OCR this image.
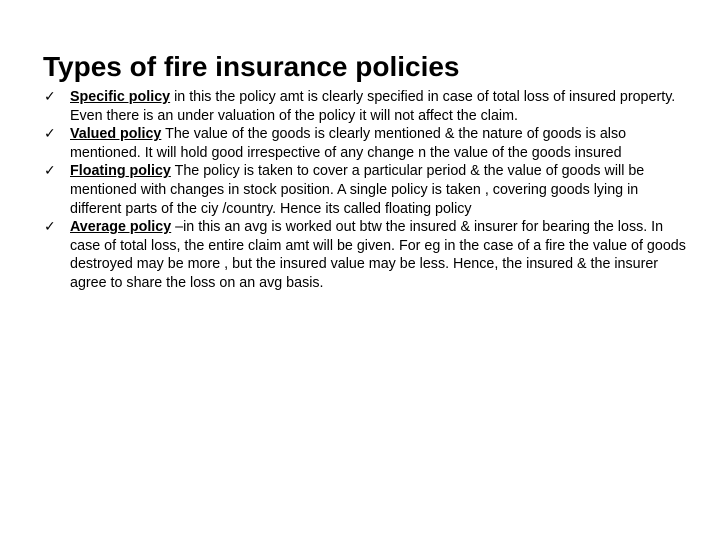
Types of fire insurance policies
✓ Specific policy in this the policy amt is clearly specified in case of total loss of insured property. Even there is an under valuation of the policy it will not affect the claim.
✓ Valued policy The value of the goods is clearly mentioned & the nature of goods is also mentioned. It will hold good irrespective of any change n the value of the goods insured
✓ Floating policy The policy is taken to cover a particular period & the value of goods will be mentioned with changes in stock position. A single policy is taken , covering goods lying in different parts of the ciy /country. Hence its called floating policy
✓ Average policy –in this an avg is worked out btw the insured & insurer for bearing the loss. In case of total loss, the entire claim amt will be given. For eg in the case of a fire the value of goods destroyed may be more , but the insured value may be less. Hence, the insured & the insurer agree to share the loss on an avg basis.
